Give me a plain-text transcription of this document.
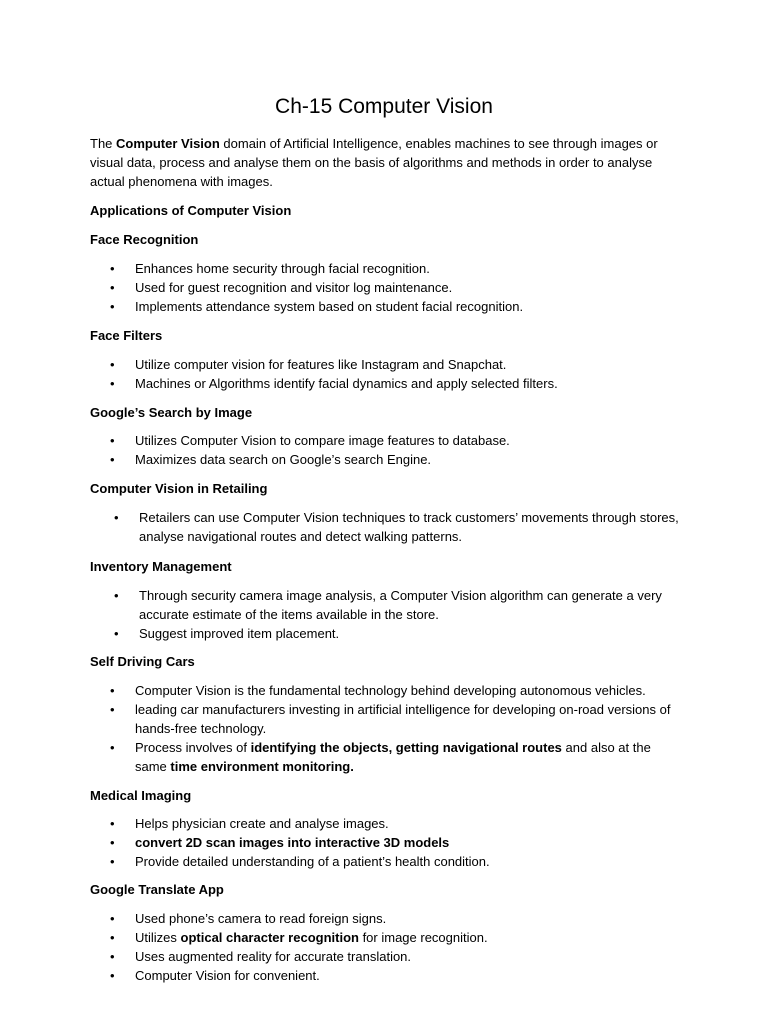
Ch-15 Computer Vision
The Computer Vision domain of Artificial Intelligence, enables machines to see through images or visual data, process and analyse them on the basis of algorithms and methods in order to analyse actual phenomena with images.
Applications of Computer Vision
Face Recognition
• Enhances home security through facial recognition.
• Used for guest recognition and visitor log maintenance.
• Implements attendance system based on student facial recognition.
Face Filters
• Utilize computer vision for features like Instagram and Snapchat.
• Machines or Algorithms identify facial dynamics and apply selected filters.
Google’s Search by Image
• Utilizes Computer Vision to compare image features to database.
• Maximizes data search on Google’s search Engine.
Computer Vision in Retailing
• Retailers can use Computer Vision techniques to track customers’ movements through stores, analyse navigational routes and detect walking patterns.
Inventory Management
• Through security camera image analysis, a Computer Vision algorithm can generate a very accurate estimate of the items available in the store.
• Suggest improved item placement.
Self Driving Cars
• Computer Vision is the fundamental technology behind developing autonomous vehicles.
• leading car manufacturers investing in artificial intelligence for developing on-road versions of hands-free technology.
• Process involves of identifying the objects, getting navigational routes and also at the same time environment monitoring.
Medical Imaging
• Helps physician create and analyse images.
• convert 2D scan images into interactive 3D models
• Provide detailed understanding of a patient’s health condition.
Google Translate App
• Used phone’s camera to read foreign signs.
• Utilizes optical character recognition for image recognition.
• Uses augmented reality for accurate translation.
• Computer Vision for convenient.
